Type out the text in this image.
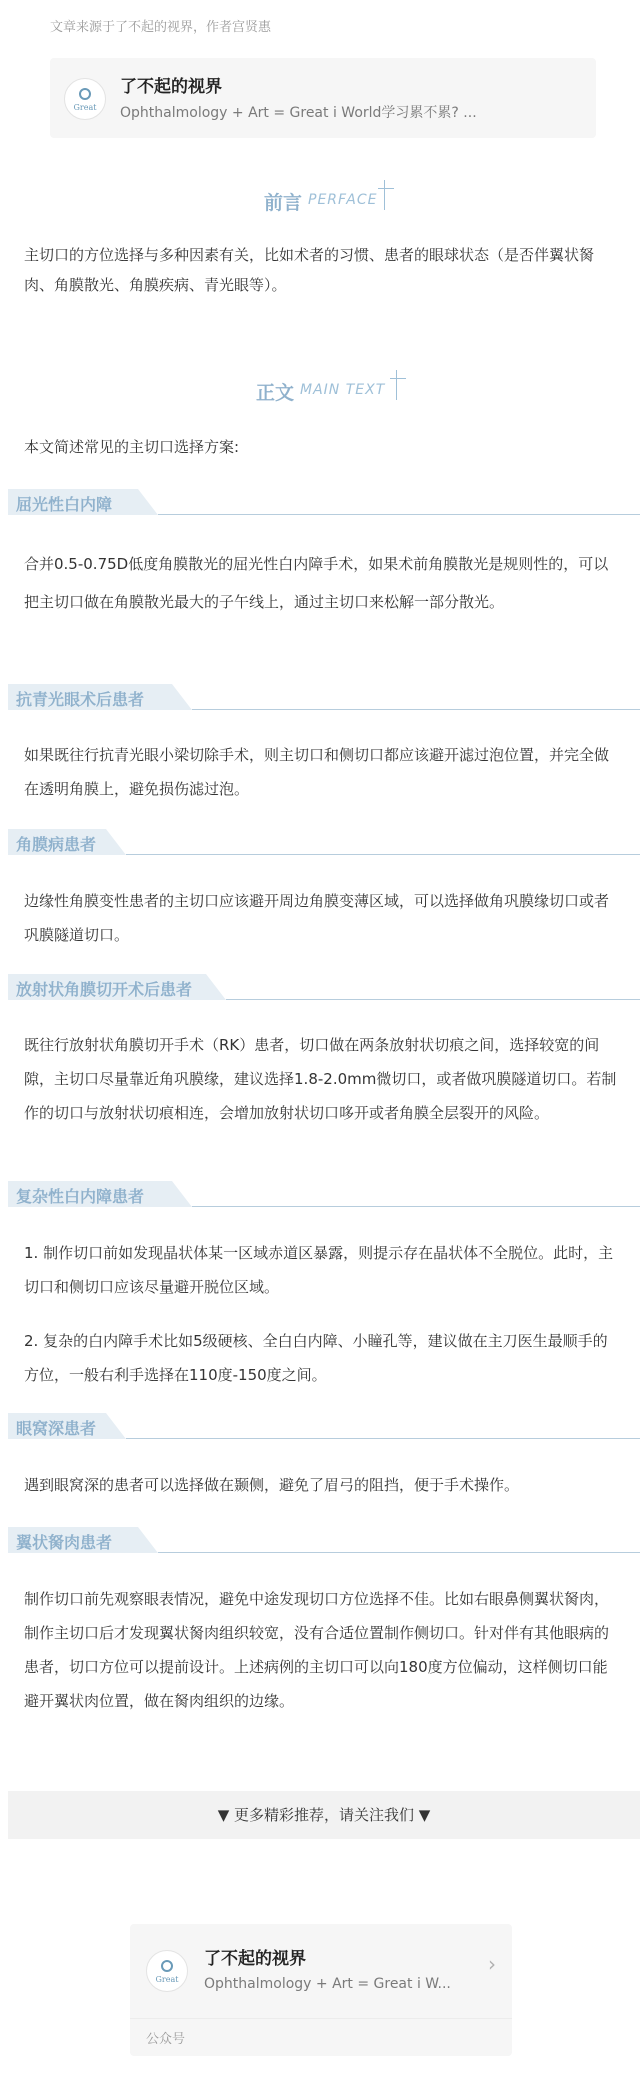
文章来源于了不起的视界，作者宫贤惠
Great
了不起的视界
Ophthalmology + Art = Great i World学习累不累? ...
前言 PERFACE

主切口的方位选择与多种因素有关，比如术者的习惯、患者的眼球状态（是否伴翼状胬肉、角膜散光、角膜疾病、青光眼等）。

正文 MAIN TEXT

本文简述常见的主切口选择方案:

屈光性白内障

合并0.5-0.75D低度角膜散光的屈光性白内障手术，如果术前角膜散光是规则性的，可以把主切口做在角膜散光最大的子午线上，通过主切口来松解一部分散光。

抗青光眼术后患者

如果既往行抗青光眼小梁切除手术，则主切口和侧切口都应该避开滤过泡位置，并完全做在透明角膜上，避免损伤滤过泡。

角膜病患者

边缘性角膜变性患者的主切口应该避开周边角膜变薄区域，可以选择做角巩膜缘切口或者巩膜隧道切口。

放射状角膜切开术后患者

既往行放射状角膜切开手术（RK）患者，切口做在两条放射状切痕之间，选择较宽的间隙，主切口尽量靠近角巩膜缘，建议选择1.8-2.0mm微切口，或者做巩膜隧道切口。若制作的切口与放射状切痕相连，会增加放射状切口哆开或者角膜全层裂开的风险。

复杂性白内障患者

1. 制作切口前如发现晶状体某一区域赤道区暴露，则提示存在晶状体不全脱位。此时，主切口和侧切口应该尽量避开脱位区域。

2. 复杂的白内障手术比如5级硬核、全白白内障、小瞳孔等，建议做在主刀医生最顺手的方位，一般右利手选择在110度-150度之间。

眼窝深患者

遇到眼窝深的患者可以选择做在颞侧，避免了眉弓的阻挡，便于手术操作。

翼状胬肉患者

制作切口前先观察眼表情况，避免中途发现切口方位选择不佳。比如右眼鼻侧翼状胬肉，制作主切口后才发现翼状胬肉组织较宽，没有合适位置制作侧切口。针对伴有其他眼病的患者，切口方位可以提前设计。上述病例的主切口可以向180度方位偏动，这样侧切口能避开翼状肉位置，做在胬肉组织的边缘。

▼ 更多精彩推荐，请关注我们 ▼
Great
了不起的视界
Ophthalmology + Art = Great i W...
›
公众号
